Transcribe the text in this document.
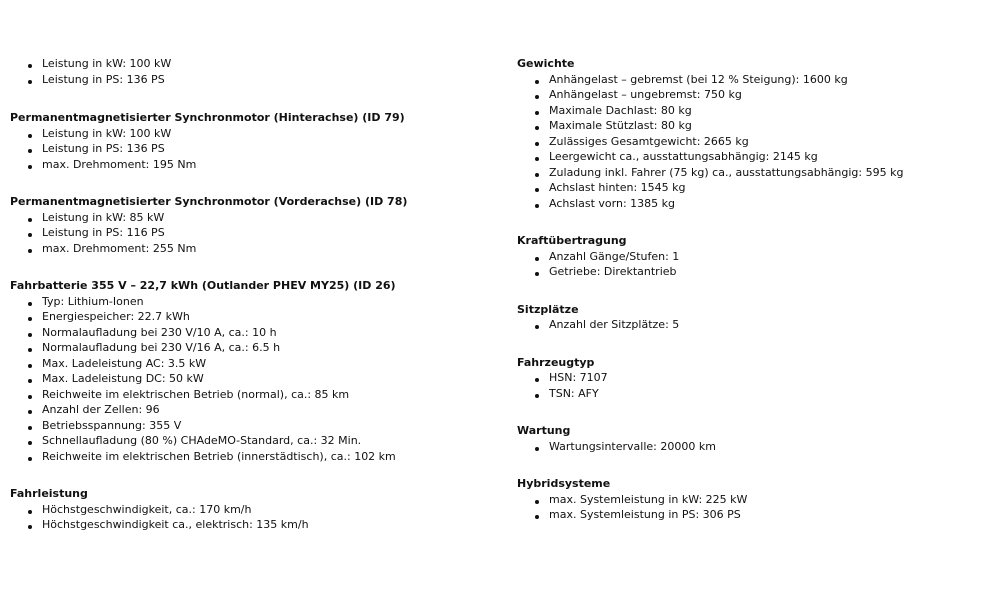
Leistung in kW: 100 kW
Leistung in PS: 136 PS
Permanentmagnetisierter Synchronmotor (Hinterachse) (ID 79)
Leistung in kW: 100 kW
Leistung in PS: 136 PS
max. Drehmoment: 195 Nm
Permanentmagnetisierter Synchronmotor (Vorderachse) (ID 78)
Leistung in kW: 85 kW
Leistung in PS: 116 PS
max. Drehmoment: 255 Nm
Fahrbatterie 355 V – 22,7 kWh (Outlander PHEV MY25) (ID 26)
Typ: Lithium-Ionen
Energiespeicher: 22.7 kWh
Normalaufladung bei 230 V/10 A, ca.: 10 h
Normalaufladung bei 230 V/16 A, ca.: 6.5 h
Max. Ladeleistung AC: 3.5 kW
Max. Ladeleistung DC: 50 kW
Reichweite im elektrischen Betrieb (normal), ca.: 85 km
Anzahl der Zellen: 96
Betriebsspannung: 355 V
Schnellaufladung (80 %) CHAdeMO-Standard, ca.: 32 Min.
Reichweite im elektrischen Betrieb (innerstädtisch), ca.: 102 km
Fahrleistung
Höchstgeschwindigkeit, ca.: 170 km/h
Höchstgeschwindigkeit ca., elektrisch: 135 km/h
Gewichte
Anhängelast – gebremst (bei 12 % Steigung): 1600 kg
Anhängelast – ungebremst: 750 kg
Maximale Dachlast: 80 kg
Maximale Stützlast: 80 kg
Zulässiges Gesamtgewicht: 2665 kg
Leergewicht ca., ausstattungsabhängig: 2145 kg
Zuladung inkl. Fahrer (75 kg) ca., ausstattungsabhängig: 595 kg
Achslast hinten: 1545 kg
Achslast vorn: 1385 kg
Kraftübertragung
Anzahl Gänge/Stufen: 1
Getriebe: Direktantrieb
Sitzplätze
Anzahl der Sitzplätze: 5
Fahrzeugtyp
HSN: 7107
TSN: AFY
Wartung
Wartungsintervalle: 20000 km
Hybridsysteme
max. Systemleistung in kW: 225 kW
max. Systemleistung in PS: 306 PS
